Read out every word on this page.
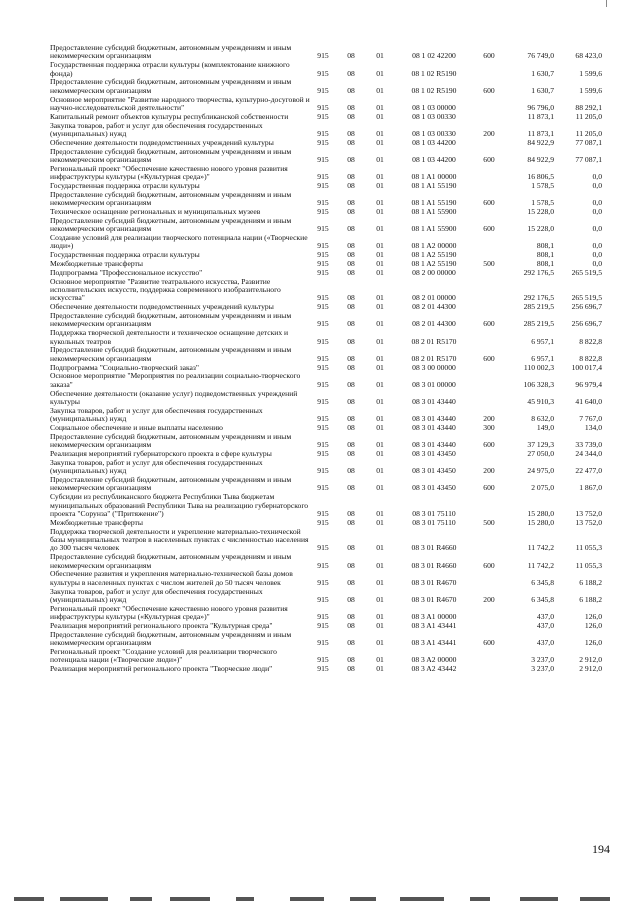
Предоставление субсидий бюджетным, автономным учреждениям и иным некоммерческим организациям	915	08	01	08 1 02 42200	600	76 749,0	68 423,0
Государственная поддержка отрасли культуры (комплектование книжного фонда)	915	08	01	08 1 02 R5190		1 630,7	1 599,6
Предоставление субсидий бюджетным, автономным учреждениям и иным некоммерческим организациям	915	08	01	08 1 02 R5190	600	1 630,7	1 599,6
Основное мероприятие "Развитие народного творчества, культурно-досуговой и научно-исследовательской деятельности"	915	08	01	08 1 03 00000		96 796,0	88 292,1
Капитальный ремонт объектов культуры республиканской собственности	915	08	01	08 1 03 00330		11 873,1	11 205,0
Закупка товаров, работ и услуг для обеспечения государственных (муниципальных) нужд	915	08	01	08 1 03 00330	200	11 873,1	11 205,0
Обеспечение деятельности подведомственных учреждений культуры	915	08	01	08 1 03 44200		84 922,9	77 087,1
Предоставление субсидий бюджетным, автономным учреждениям и иным некоммерческим организациям	915	08	01	08 1 03 44200	600	84 922,9	77 087,1
Региональный проект "Обеспечение качественно нового уровня развития инфраструктуры культуры («Культурная среда»)"	915	08	01	08 1 A1 00000		16 806,5	0,0
Государственная поддержка отрасли культуры	915	08	01	08 1 A1 55190		1 578,5	0,0
Предоставление субсидий бюджетным, автономным учреждениям и иным некоммерческим организациям	915	08	01	08 1 A1 55190	600	1 578,5	0,0
Техническое оснащение региональных и муниципальных музеев	915	08	01	08 1 A1 55900		15 228,0	0,0
Предоставление субсидий бюджетным, автономным учреждениям и иным некоммерческим организациям	915	08	01	08 1 A1 55900	600	15 228,0	0,0
Создание условий для реализации творческого потенциала нации («Творческие люди»)	915	08	01	08 1 A2 00000		808,1	0,0
Государственная поддержка отрасли культуры	915	08	01	08 1 A2 55190		808,1	0,0
Межбюджетные трансферты	915	08	01	08 1 A2 55190	500	808,1	0,0
Подпрограмма "Профессиональное искусство"	915	08	01	08 2 00 00000		292 176,5	265 519,5
Основное мероприятие "Развитие театрального искусства, Развитие исполнительских искусств, поддержка современного изобразительного искусства"	915	08	01	08 2 01 00000		292 176,5	265 519,5
Обеспечение деятельности подведомственных учреждений культуры	915	08	01	08 2 01 44300		285 219,5	256 696,7
Предоставление субсидий бюджетным, автономным учреждениям и иным некоммерческим организациям	915	08	01	08 2 01 44300	600	285 219,5	256 696,7
Поддержка творческой деятельности и техническое оснащение детских и кукольных театров	915	08	01	08 2 01 R5170		6 957,1	8 822,8
Предоставление субсидий бюджетным, автономным учреждениям и иным некоммерческим организациям	915	08	01	08 2 01 R5170	600	6 957,1	8 822,8
Подпрограмма "Социально-творческий заказ"	915	08	01	08 3 00 00000		110 002,3	100 017,4
Основное мероприятие "Мероприятия по реализации социально-творческого заказа"	915	08	01	08 3 01 00000		106 328,3	96 979,4
Обеспечение деятельности (оказание услуг) подведомственных учреждений культуры	915	08	01	08 3 01 43440		45 910,3	41 640,0
Закупка товаров, работ и услуг для обеспечения государственных (муниципальных) нужд	915	08	01	08 3 01 43440	200	8 632,0	7 767,0
Социальное обеспечение и иные выплаты населению	915	08	01	08 3 01 43440	300	149,0	134,0
Предоставление субсидий бюджетным, автономным учреждениям и иным некоммерческим организациям	915	08	01	08 3 01 43440	600	37 129,3	33 739,0
Реализация мероприятий губернаторского проекта в сфере культуры	915	08	01	08 3 01 43450		27 050,0	24 344,0
Закупка товаров, работ и услуг для обеспечения государственных (муниципальных) нужд	915	08	01	08 3 01 43450	200	24 975,0	22 477,0
Предоставление субсидий бюджетным, автономным учреждениям и иным некоммерческим организациям	915	08	01	08 3 01 43450	600	2 075,0	1 867,0
Субсидии из республиканского бюджета Республики Тыва бюджетам муниципальных образований Республики Тыва на реализацию губернаторского проекта "Сорунза" ("Притяжение")	915	08	01	08 3 01 75110		15 280,0	13 752,0
Межбюджетные трансферты	915	08	01	08 3 01 75110	500	15 280,0	13 752,0
Поддержка творческой деятельности и укрепление материально-технической базы муниципальных театров в населенных пунктах с численностью населения до 300 тысяч человек	915	08	01	08 3 01 R4660		11 742,2	11 055,3
Предоставление субсидий бюджетным, автономным учреждениям и иным некоммерческим организациям	915	08	01	08 3 01 R4660	600	11 742,2	11 055,3
Обеспечение развития и укрепления материально-технической базы домов культуры в населенных пунктах с числом жителей до 50 тысяч человек	915	08	01	08 3 01 R4670		6 345,8	6 188,2
Закупка товаров, работ и услуг для обеспечения государственных (муниципальных) нужд	915	08	01	08 3 01 R4670	200	6 345,8	6 188,2
Региональный проект "Обеспечение качественно нового уровня развития инфраструктуры культуры («Культурная среда»)"	915	08	01	08 3 A1 00000		437,0	126,0
Реализация мероприятий регионального проекта "Культурная среда"	915	08	01	08 3 A1 43441		437,0	126,0
Предоставление субсидий бюджетным, автономным учреждениям и иным некоммерческим организациям	915	08	01	08 3 A1 43441	600	437,0	126,0
Региональный проект "Создание условий для реализации творческого потенциала нации («Творческие люди»)"	915	08	01	08 3 A2 00000		3 237,0	2 912,0
Реализация мероприятий регионального проекта "Творческие люди"	915	08	01	08 3 A2 43442		3 237,0	2 912,0
194
